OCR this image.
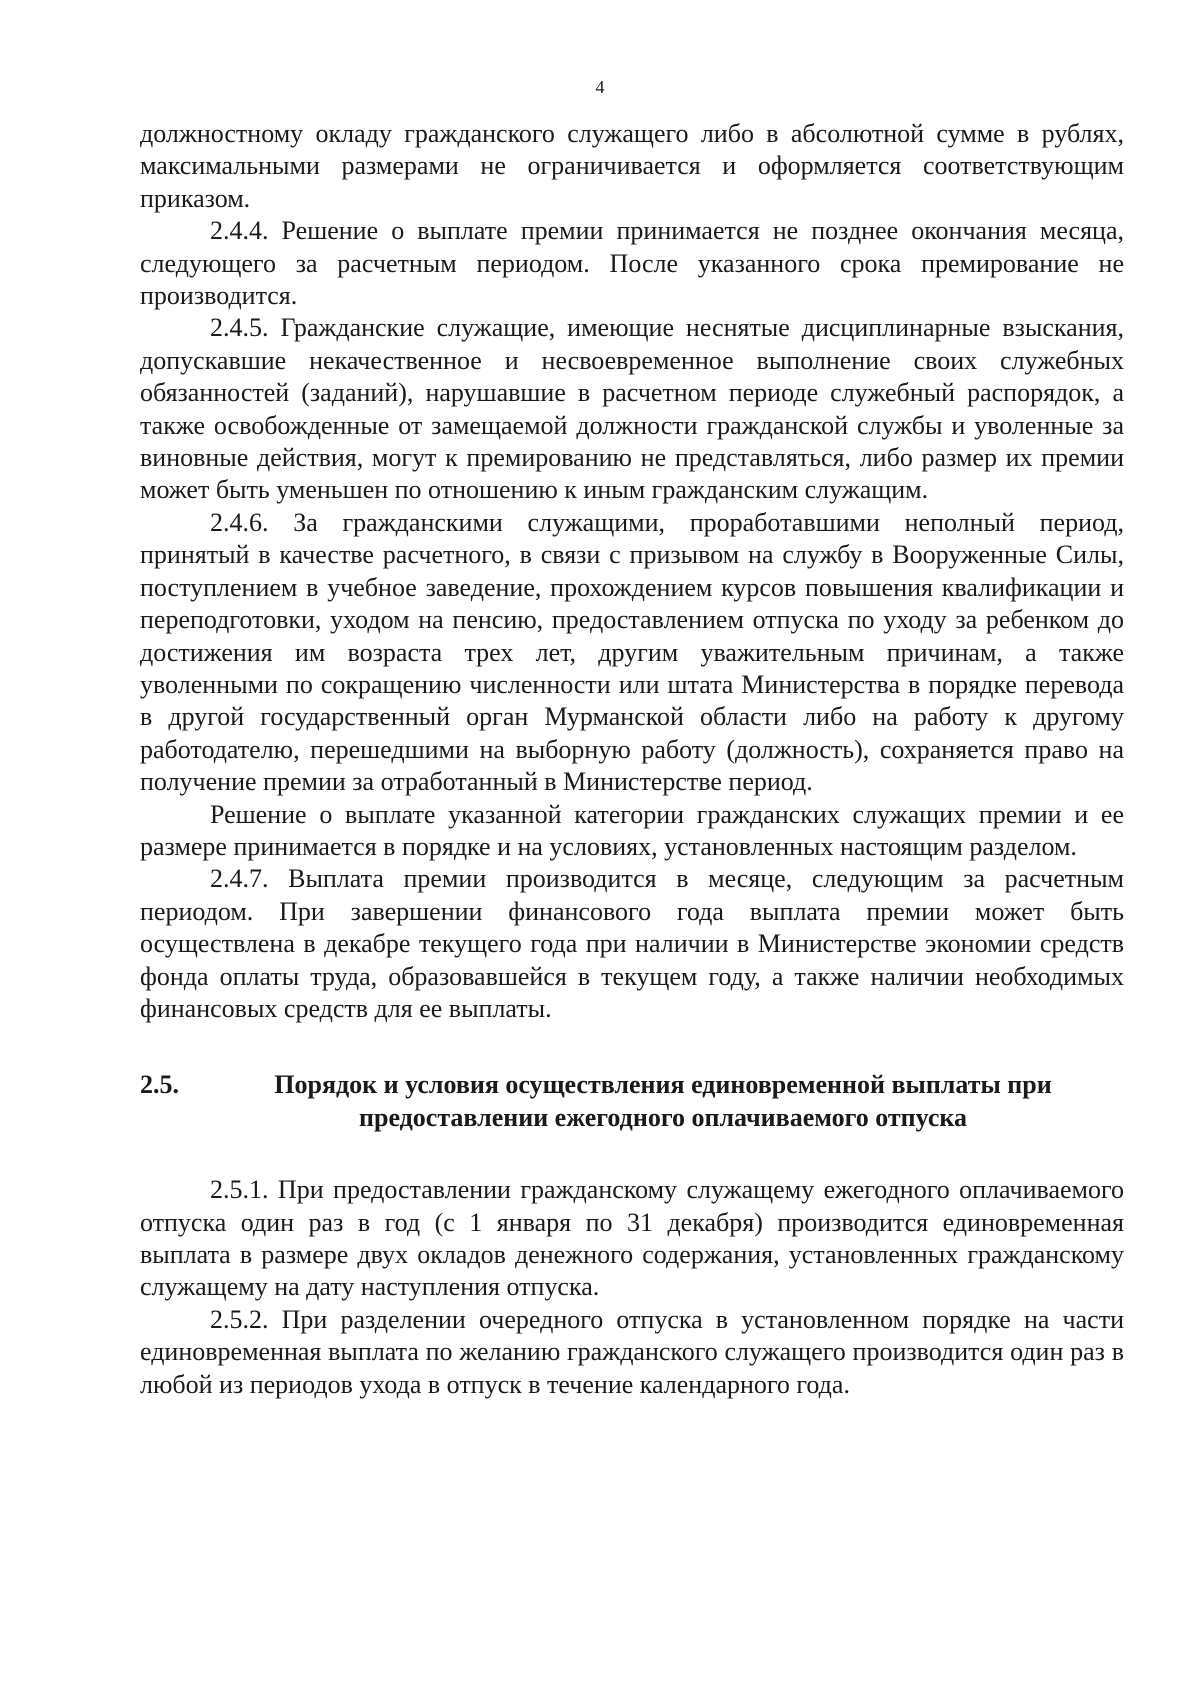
4

должностному окладу гражданского служащего либо в абсолютной сумме в рублях, максимальными размерами не ограничивается и оформляется соответствующим приказом.

2.4.4. Решение о выплате премии принимается не позднее окончания месяца, следующего за расчетным периодом. После указанного срока премирование не производится.

2.4.5. Гражданские служащие, имеющие неснятые дисциплинарные взыскания, допускавшие некачественное и несвоевременное выполнение своих служебных обязанностей (заданий), нарушавшие в расчетном периоде служебный распорядок, а также освобожденные от замещаемой должности гражданской службы и уволенные за виновные действия, могут к премированию не представляться, либо размер их премии может быть уменьшен по отношению к иным гражданским служащим.

2.4.6. За гражданскими служащими, проработавшими неполный период, принятый в качестве расчетного, в связи с призывом на службу в Вооруженные Силы, поступлением в учебное заведение, прохождением курсов повышения квалификации и переподготовки, уходом на пенсию, предоставлением отпуска по уходу за ребенком до достижения им возраста трех лет, другим уважительным причинам, а также уволенными по сокращению численности или штата Министерства в порядке перевода в другой государственный орган Мурманской области либо на работу к другому работодателю, перешедшими на выборную работу (должность), сохраняется право на получение премии за отработанный в Министерстве период.

Решение о выплате указанной категории гражданских служащих премии и ее размере принимается в порядке и на условиях, установленных настоящим разделом.

2.4.7. Выплата премии производится в месяце, следующим за расчетным периодом. При завершении финансового года выплата премии может быть осуществлена в декабре текущего года при наличии в Министерстве экономии средств фонда оплаты труда, образовавшейся в текущем году, а также наличии необходимых финансовых средств для ее выплаты.

2.5.	Порядок и условия осуществления единовременной выплаты при предоставлении ежегодного оплачиваемого отпуска

2.5.1. При предоставлении гражданскому служащему ежегодного оплачиваемого отпуска один раз в год (с 1 января по 31 декабря) производится единовременная выплата в размере двух окладов денежного содержания, установленных гражданскому служащему на дату наступления отпуска.

2.5.2. При разделении очередного отпуска в установленном порядке на части единовременная выплата по желанию гражданского служащего производится один раз в любой из периодов ухода в отпуск в течение календарного года.
